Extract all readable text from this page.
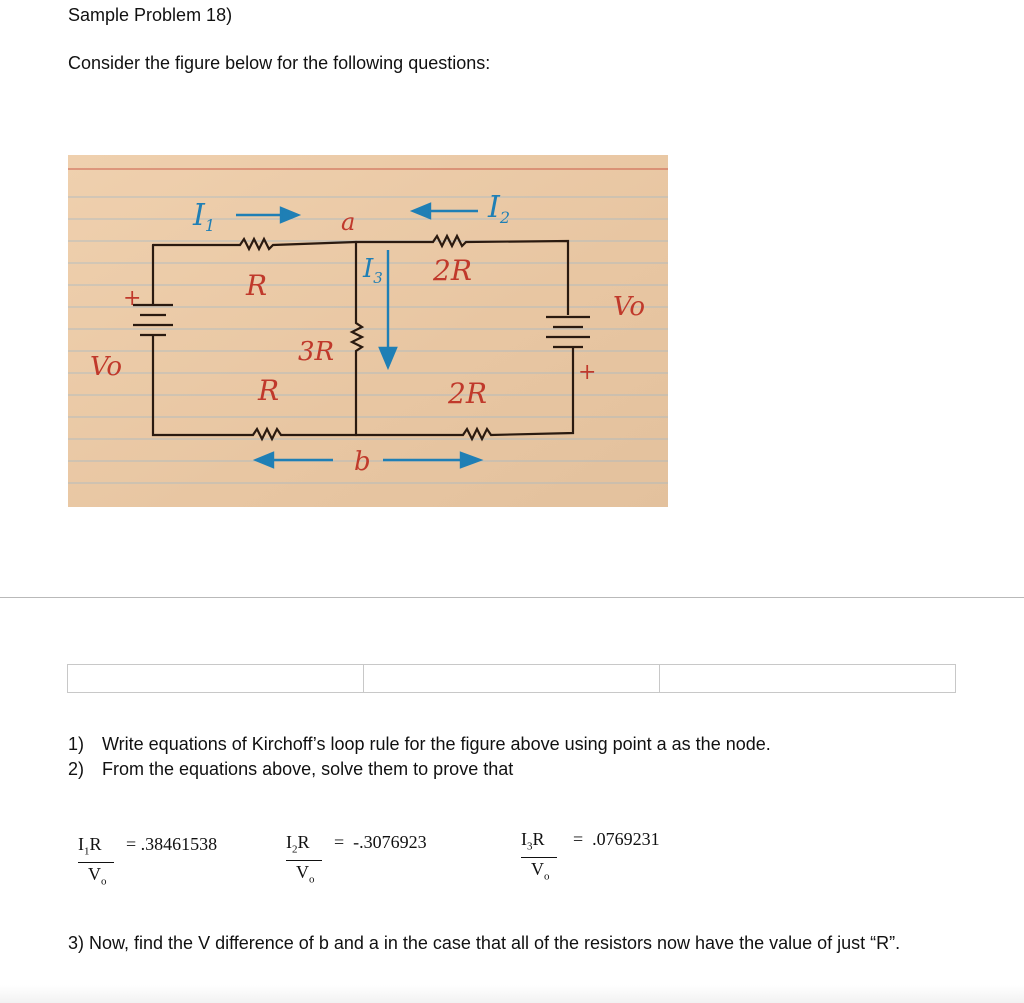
Sample Problem 18)
Consider the figure below for the following questions:
$I_1$	a	$I_2$
R	$I_3$ 2R
3R
R	2R
b
Vo
Vo
+
+
1) Write equations of Kirchoff’s loop rule for the figure above using point a as the node.
2) From the equations above, solve them to prove that
$I_1R$
$V_o$
= .38461538	$I_2R$
$V_o$
= -.3076923	$I_3R$
$V_o$
= .0769231
3) Now, find the V difference of b and a in the case that all of the resistors now have the value of just “R”.
